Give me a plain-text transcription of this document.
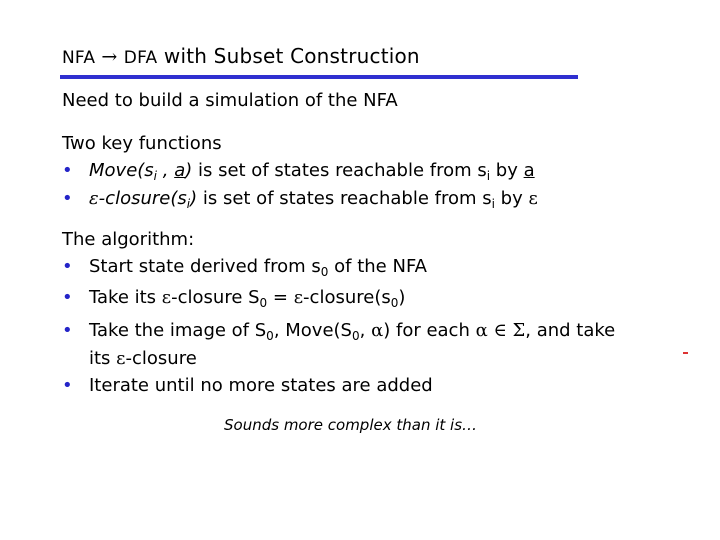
NFA → DFA with Subset Construction
Need to build a simulation of the NFA
Two key functions
• $Move(s_i$ , a) is set of states reachable from $s_i$ by a
• $\varepsilon-closure(s_i)$ is set of states reachable from $s_i$ by ε
The algorithm:
• Start state derived from $s_0$ of the NFA
• Take its ε-closure $S_0$ = $\varepsilon-closure(s_0)$
• Take the image of $S_0$, $Move(S_0$, α) for each α ∈ Σ, and take
its ε-closure
• Iterate until no more states are added
Sounds more complex than it is…
